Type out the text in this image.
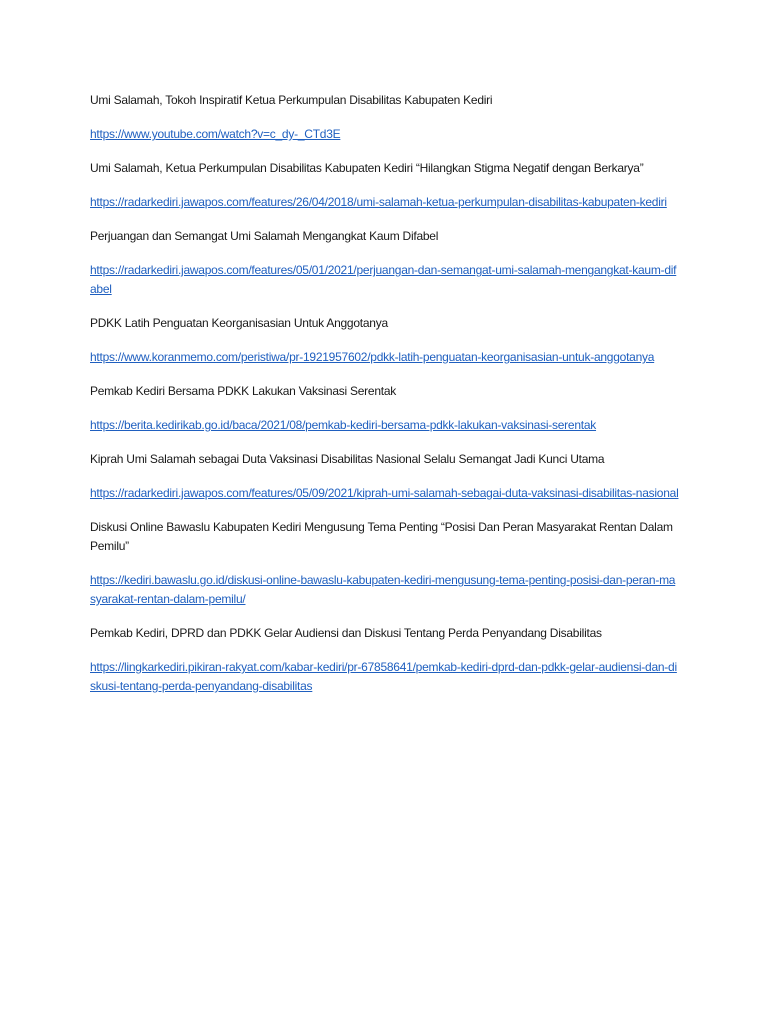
Umi Salamah, Tokoh Inspiratif Ketua Perkumpulan Disabilitas Kabupaten Kediri
https://www.youtube.com/watch?v=c_dy-_CTd3E
Umi Salamah, Ketua Perkumpulan Disabilitas Kabupaten Kediri “Hilangkan Stigma Negatif dengan Berkarya”
https://radarkediri.jawapos.com/features/26/04/2018/umi-salamah-ketua-perkumpulan-disabilitas-kabupaten-kediri
Perjuangan dan Semangat Umi Salamah Mengangkat Kaum Difabel
https://radarkediri.jawapos.com/features/05/01/2021/perjuangan-dan-semangat-umi-salamah-mengangkat-kaum-difabel
PDKK Latih Penguatan Keorganisasian Untuk Anggotanya
https://www.koranmemo.com/peristiwa/pr-1921957602/pdkk-latih-penguatan-keorganisasian-untuk-anggotanya
Pemkab Kediri Bersama PDKK Lakukan Vaksinasi Serentak
https://berita.kedirikab.go.id/baca/2021/08/pemkab-kediri-bersama-pdkk-lakukan-vaksinasi-serentak
Kiprah Umi Salamah sebagai Duta Vaksinasi Disabilitas Nasional Selalu Semangat Jadi Kunci Utama
https://radarkediri.jawapos.com/features/05/09/2021/kiprah-umi-salamah-sebagai-duta-vaksinasi-disabilitas-nasional
Diskusi Online Bawaslu Kabupaten Kediri Mengusung Tema Penting “Posisi Dan Peran Masyarakat Rentan Dalam Pemilu”
https://kediri.bawaslu.go.id/diskusi-online-bawaslu-kabupaten-kediri-mengusung-tema-penting-posisi-dan-peran-masyarakat-rentan-dalam-pemilu/
Pemkab Kediri, DPRD dan PDKK Gelar Audiensi dan Diskusi Tentang Perda Penyandang Disabilitas
https://lingkarkediri.pikiran-rakyat.com/kabar-kediri/pr-67858641/pemkab-kediri-dprd-dan-pdkk-gelar-audiensi-dan-diskusi-tentang-perda-penyandang-disabilitas
